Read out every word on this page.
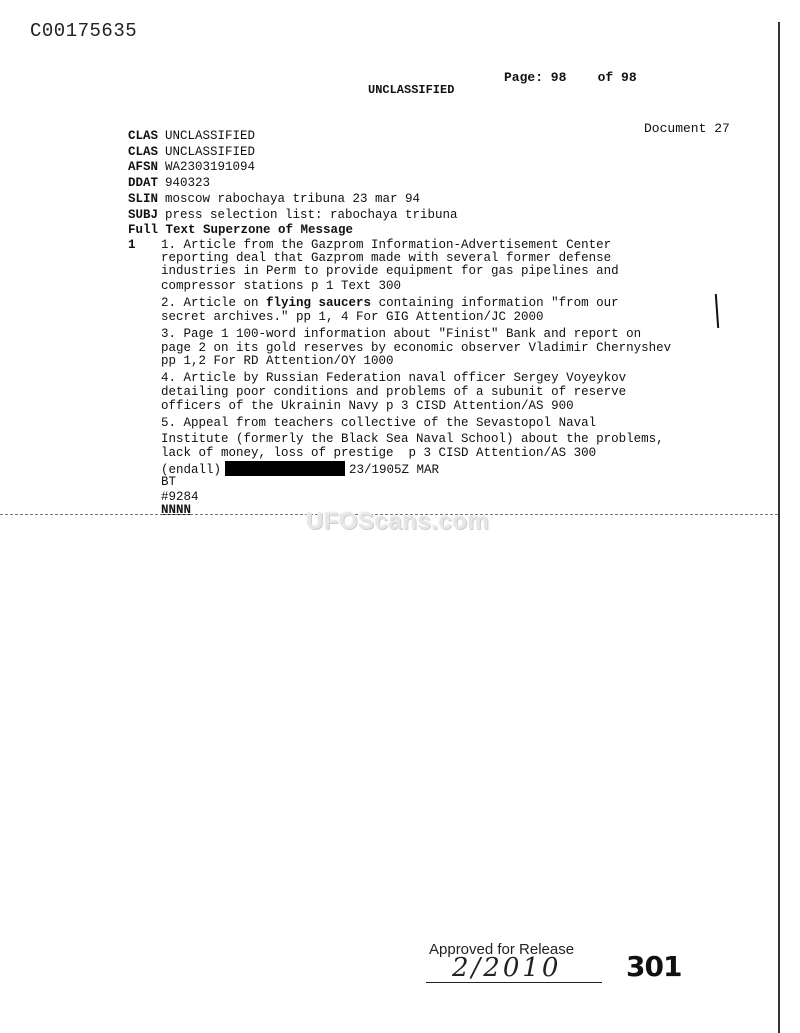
C00175635
Page: 98    of 98
UNCLASSIFIED
Document 27
CLAS UNCLASSIFIED
CLAS UNCLASSIFIED
AFSN WA2303191094
DDAT 940323
SLIN moscow rabochaya tribuna 23 mar 94
SUBJ press selection list: rabochaya tribuna
Full Text Superzone of Message
1 1. Article from the Gazprom Information-Advertisement Center
reporting deal that Gazprom made with several former defense
industries in Perm to provide equipment for gas pipelines and
compressor stations p 1 Text 300
2. Article on flying saucers containing information "from our
secret archives." pp 1, 4 For GIG Attention/JC 2000
3. Page 1 100-word information about "Finist" Bank and report on
page 2 on its gold reserves by economic observer Vladimir Chernyshev
pp 1,2 For RD Attention/OY 1000
4. Article by Russian Federation naval officer Sergey Voyeykov
detailing poor conditions and problems of a subunit of reserve
officers of the Ukrainin Navy p 3 CISD Attention/AS 900
5. Appeal from teachers collective of the Sevastopol Naval
Institute (formerly the Black Sea Naval School) about the problems,
lack of money, loss of prestige  p 3 CISD Attention/AS 300
(endall)	23/1905Z MAR
BT
#9284
NNNN	UFOScans.com
Approved for Release
2/2010 301
